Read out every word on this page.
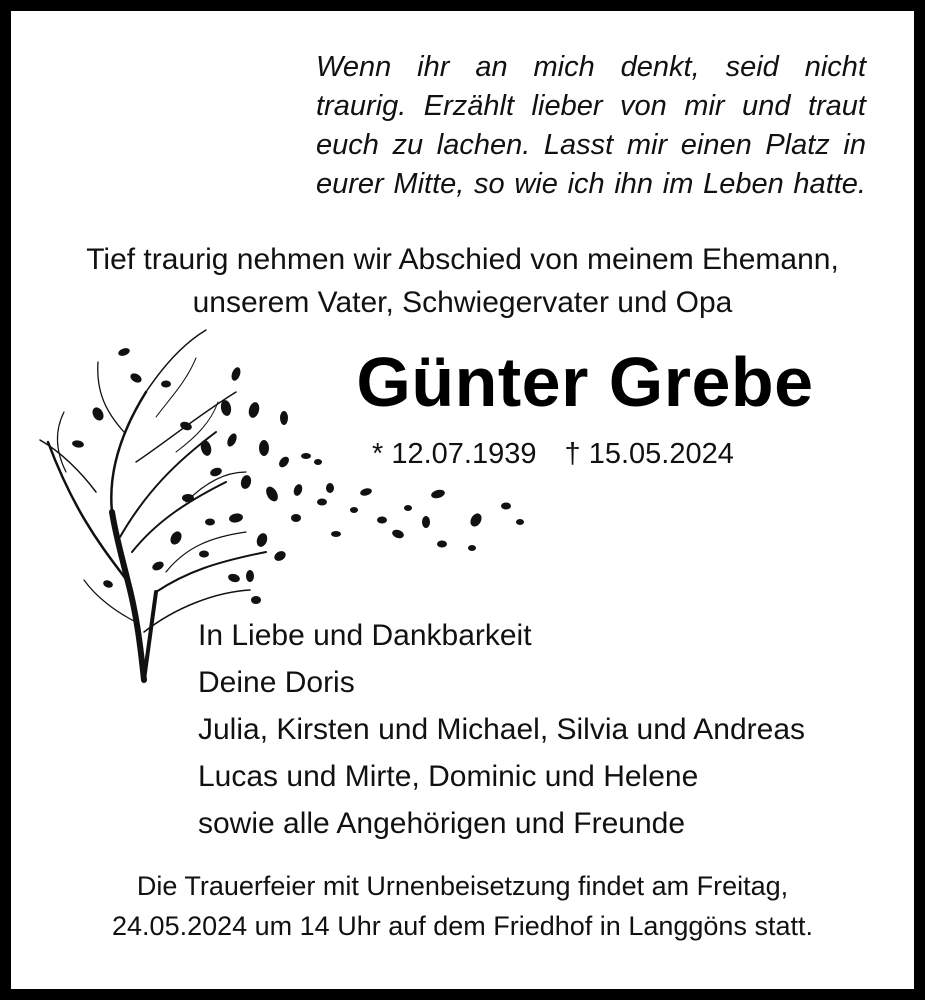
Wenn ihr an mich denkt, seid nicht
traurig. Erzählt lieber von mir und traut
euch zu lachen. Lasst mir einen Platz in
eurer Mitte, so wie ich ihn im Leben hatte.
Tief traurig nehmen wir Abschied von meinem Ehemann,
unserem Vater, Schwiegervater und Opa
Günter Grebe
* 12.07.1939 † 15.05.2024
In Liebe und Dankbarkeit
Deine Doris
Julia, Kirsten und Michael, Silvia und Andreas
Lucas und Mirte, Dominic und Helene
sowie alle Angehörigen und Freunde
Die Trauerfeier mit Urnenbeisetzung findet am Freitag,
24.05.2024 um 14 Uhr auf dem Friedhof in Langgöns statt.
